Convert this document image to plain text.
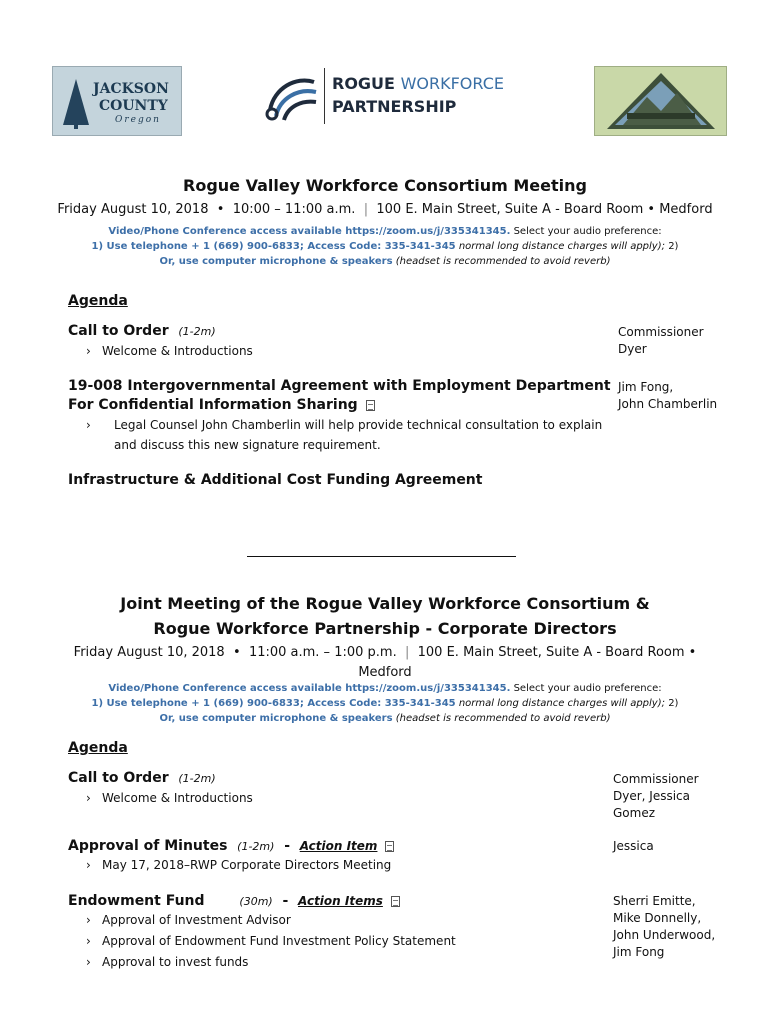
JACKSON
COUNTY
Oregon
ROGUE WORKFORCE
PARTNERSHIP
Rogue Valley Workforce Consortium Meeting
Friday August 10, 2018  •  10:00 – 11:00 a.m.  |  100 E. Main Street, Suite A - Board Room • Medford
Video/Phone Conference access available https://zoom.us/j/335341345. Select your audio preference:
1) Use telephone + 1 (669) 900-6833; Access Code: 335-341-345 normal long distance charges will apply); 2)
Or, use computer microphone & speakers (headset is recommended to avoid reverb)
Agenda
Call to Order (1-2m)
› Welcome & Introductions
Commissioner
Dyer
19-008 Intergovernmental Agreement with Employment Department
For Confidential Information Sharing
› Legal Counsel John Chamberlin will help provide technical consultation to explain and discuss this new signature requirement.
Jim Fong,
John Chamberlin
Infrastructure & Additional Cost Funding Agreement
Joint Meeting of the Rogue Valley Workforce Consortium &
Rogue Workforce Partnership - Corporate Directors
Friday August 10, 2018  •  11:00 a.m. – 1:00 p.m.  |  100 E. Main Street, Suite A - Board Room •
Medford
Video/Phone Conference access available https://zoom.us/j/335341345. Select your audio preference:
1) Use telephone + 1 (669) 900-6833; Access Code: 335-341-345 normal long distance charges will apply); 2)
Or, use computer microphone & speakers (headset is recommended to avoid reverb)
Agenda
Call to Order (1-2m)
› Welcome & Introductions
Commissioner
Dyer, Jessica
Gomez
Approval of Minutes (1-2m) - Action Item
› May 17, 2018–RWP Corporate Directors Meeting
Jessica
Endowment Fund	(30m) - Action Items
› Approval of Investment Advisor
› Approval of Endowment Fund Investment Policy Statement
› Approval to invest funds
Sherri Emitte,
Mike Donnelly,
John Underwood,
Jim Fong
